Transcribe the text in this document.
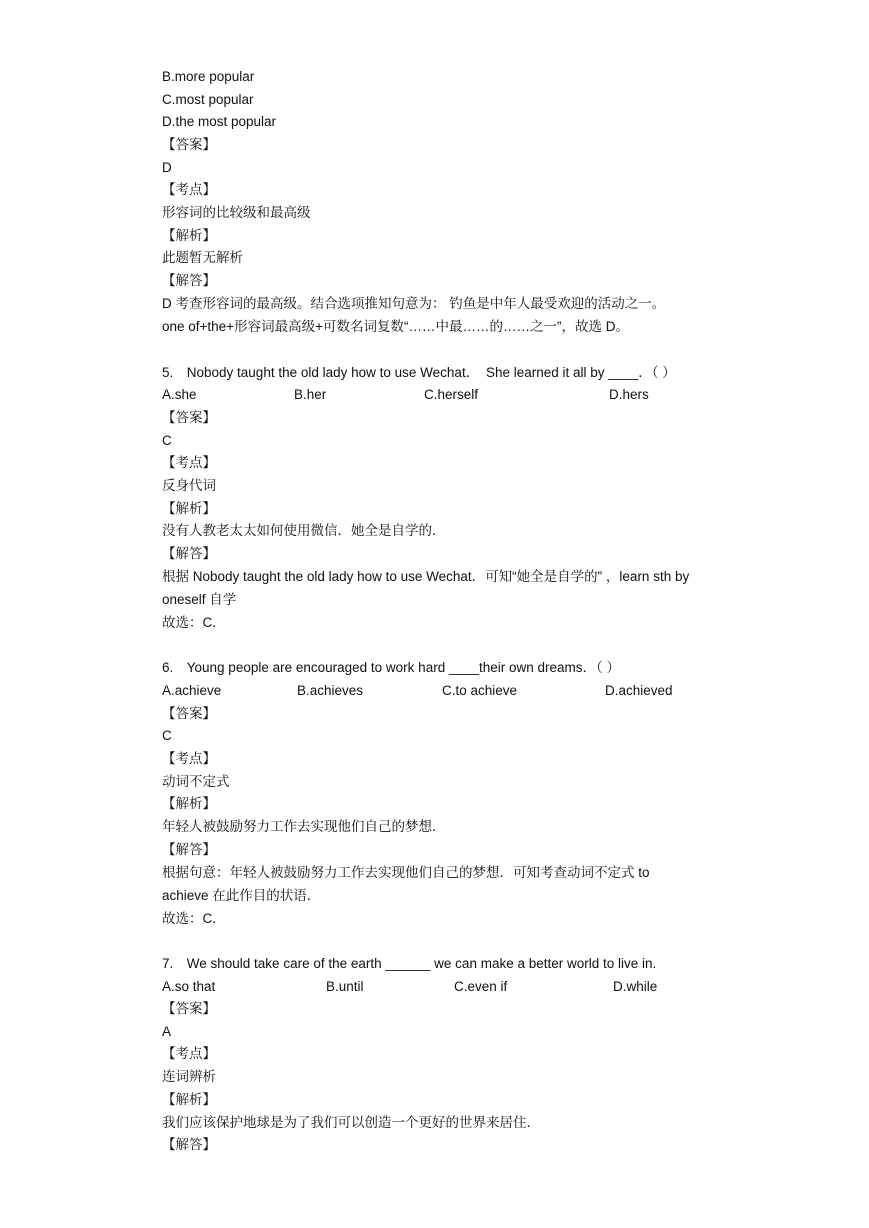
B.more popular
C.most popular
D.the most popular
【答案】
D
【考点】
形容词的比较级和最高级
【解析】
此题暂无解析
【解答】
D 考查形容词的最高级。结合选项推知句意为： 钓鱼是中年人最受欢迎的活动之一。
one of+the+形容词最高级+可数名词复数“……中最……的……之一”，故选 D。
5.　Nobody taught the old lady how to use Wechat．　She learned it all by ____．（ ）
A.she	B.her	C.herself	D.hers
【答案】
C
【考点】
反身代词
【解析】
没有人教老太太如何使用微信．她全是自学的．
【解答】
根据 Nobody taught the old lady how to use Wechat．可知“她全是自学的” ，learn sth by
oneself 自学
故选：C．
6.　Young people are encouraged to work hard ____their own dreams．（ ）
A.achieve	B.achieves	C.to achieve	D.achieved
【答案】
C
【考点】
动词不定式
【解析】
年轻人被鼓励努力工作去实现他们自己的梦想．
【解答】
根据句意：年轻人被鼓励努力工作去实现他们自己的梦想．可知考查动词不定式 to
achieve 在此作目的状语．
故选：C．
7.　We should take care of the earth ______ we can make a better world to live in.
A.so that	B.until	C.even if	D.while
【答案】
A
【考点】
连词辨析
【解析】
我们应该保护地球是为了我们可以创造一个更好的世界来居住．
【解答】
